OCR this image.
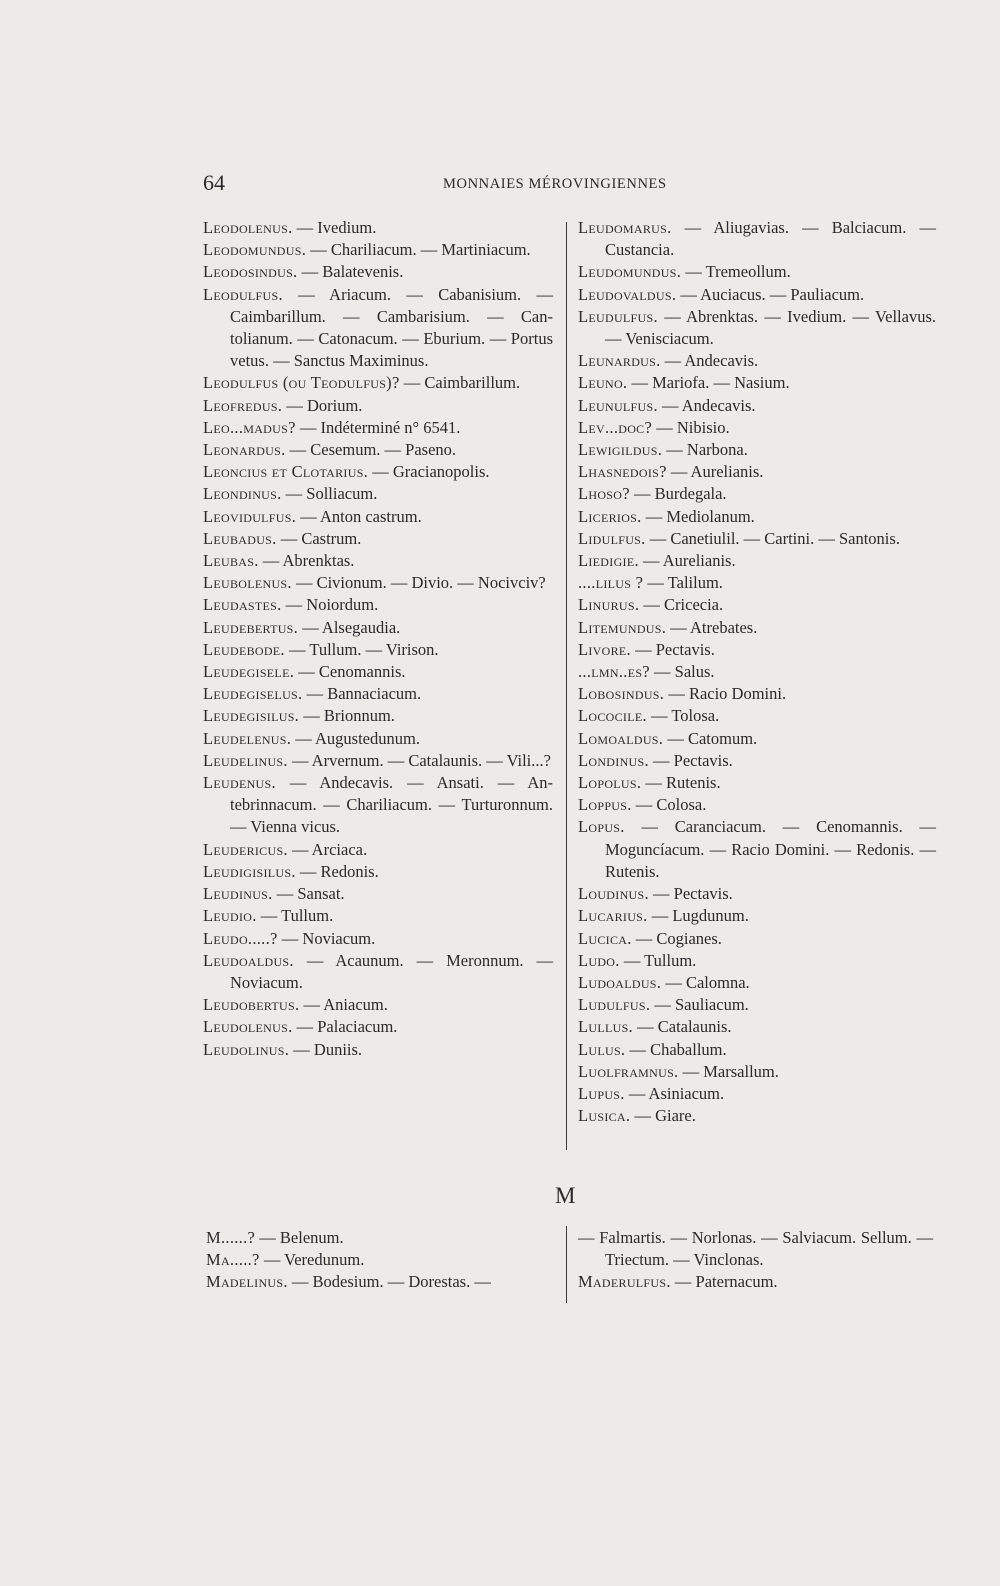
64	MONNAIES MÉROVINGIENNES
Leodolenus. — Ivedium.
Leodomundus. — Chariliacum. — Martiniacum.
Leodosindus. — Balatevenis.
Leodulfus. — Ariacum. — Cabanisium. — Caimbarillum. — Cambarisium. — Cantolianum. — Catonacum. — Eburium. — Portus vetus. — Sanctus Maximinus.
Leodulfus (ou Teodulfus)? — Caimbarillum.
Leofredus. — Dorium.
Leo...madus? — Indéterminé n° 6541.
Leonardus. — Cesemum. — Paseno.
Leoncius et Clotarius. — Gracianopolis.
Leondinus. — Solliacum.
Leovidulfus. — Anton castrum.
Leubadus. — Castrum.
Leubas. — Abrenktas.
Leubolenus. — Civionum. — Divio. — Nocivciv?
Leudastes. — Noiordum.
Leudebertus. — Alsegaudia.
Leudebode. — Tullum. — Virison.
Leudegisele. — Cenomannis.
Leudegiselus. — Bannaciacum.
Leudegisilus. — Brionnum.
Leudelenus. — Augustedunum.
Leudelinus. — Arvernum. — Catalaunis. — Vili...?
Leudenus. — Andecavis. — Ansati. — Antebrinnacum. — Chariliacum. — Turturonnum. — Vienna vicus.
Leudericus. — Arciaca.
Leudigisilus. — Redonis.
Leudinus. — Sansat.
Leudio. — Tullum.
Leudo.....? — Noviacum.
Leudoaldus. — Acaunum. — Meronnum. — Noviacum.
Leudobertus. — Aniacum.
Leudolenus. — Palaciacum.
Leudolinus. — Duniis.
Leudomarus. — Aliugavias. — Balciacum. — Custancia.
Leudomundus. — Tremeollum.
Leudovaldus. — Auciacus. — Pauliacum.
Leudulfus. — Abrenktas. — Ivedium. — Vellavus. — Venisciacum.
Leunardus. — Andecavis.
Leuno. — Mariofa. — Nasium.
Leunulfus. — Andecavis.
Lev...doc? — Nibisio.
Lewigildus. — Narbona.
Lhasnedois? — Aurelianis.
Lhoso? — Burdegala.
Licerios. — Mediolanum.
Lidulfus. — Canetiulil. — Cartini. — Santonis.
Liedigie. — Aurelianis.
....lilus ? — Talilum.
Linurus. — Cricecia.
Litemundus. — Atrebates.
Livore. — Pectavis.
...lmn..es? — Salus.
Lobosindus. — Racio Domini.
Lococile. — Tolosa.
Lomoaldus. — Catomum.
Londinus. — Pectavis.
Lopolus. — Rutenis.
Loppus. — Colosa.
Lopus. — Caranciacum. — Cenomannis. — Moguncíacum. — Racio Domini. — Redonis. — Rutenis.
Loudinus. — Pectavis.
Lucarius. — Lugdunum.
Lucica. — Cogianes.
Ludo. — Tullum.
Ludoaldus. — Calomna.
Ludulfus. — Sauliacum.
Lullus. — Catalaunis.
Lulus. — Chaballum.
Luolframnus. — Marsallum.
Lupus. — Asiniacum.
Lusica. — Giare.
M
M......? — Belenum.
Ma.....? — Veredunum.
Madelinus. — Bodesium. — Dorestas. —
— Falmartis. — Norlonas. — Salviacum. Sellum. — Triectum. — Vinclonas.
Maderulfus. — Paternacum.
